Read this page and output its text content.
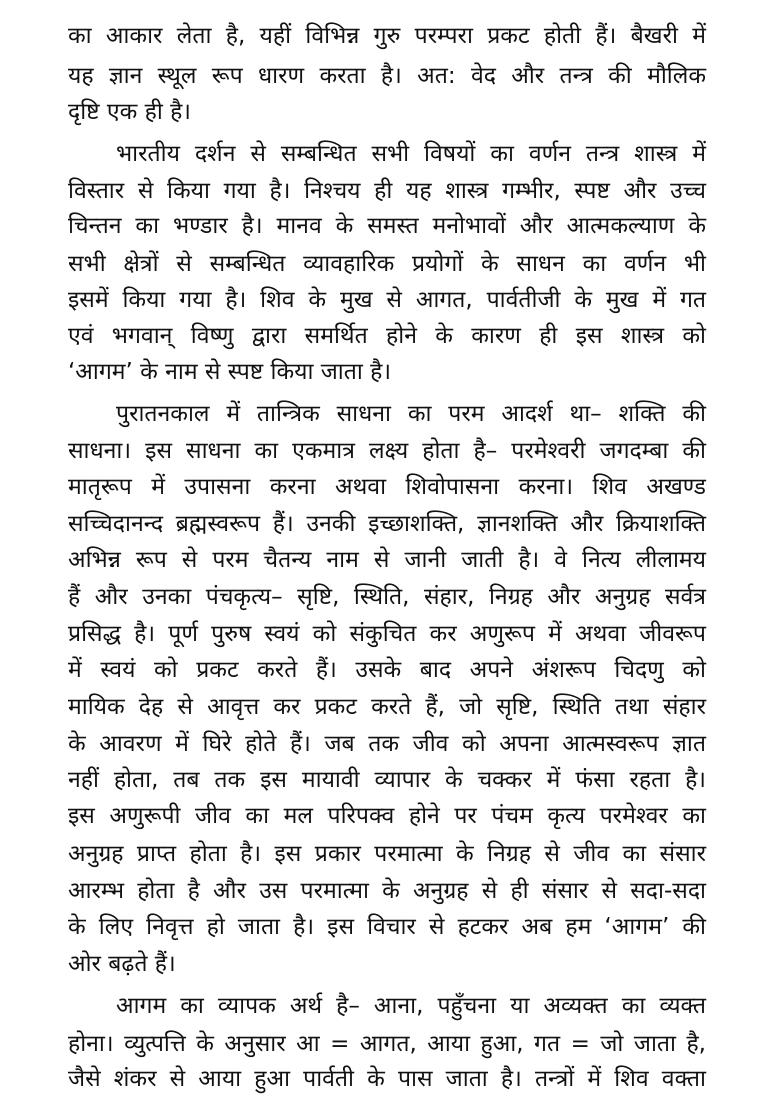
का आकार लेता है, यहीं विभिन्न गुरु परम्परा प्रकट होती हैं। बैखरी में
यह ज्ञान स्थूल रूप धारण करता है। अत: वेद और तन्त्र की मौलिक
दृष्टि एक ही है।
भारतीय दर्शन से सम्बन्धित सभी विषयों का वर्णन तन्त्र शास्त्र में
विस्तार से किया गया है। निश्चय ही यह शास्त्र गम्भीर, स्पष्ट और उच्च
चिन्तन का भण्डार है। मानव के समस्त मनोभावों और आत्मकल्याण के
सभी क्षेत्रों से सम्बन्धित व्यावहारिक प्रयोगों के साधन का वर्णन भी
इसमें किया गया है। शिव के मुख से आगत, पार्वतीजी के मुख में गत
एवं भगवान् विष्णु द्वारा समर्थित होने के कारण ही इस शास्त्र को
‘आगम’ के नाम से स्पष्ट किया जाता है।
पुरातनकाल में तान्त्रिक साधना का परम आदर्श था– शक्ति की
साधना। इस साधना का एकमात्र लक्ष्य होता है– परमेश्वरी जगदम्बा की
मातृरूप में उपासना करना अथवा शिवोपासना करना। शिव अखण्ड
सच्चिदानन्द ब्रह्मस्वरूप हैं। उनकी इच्छाशक्ति, ज्ञानशक्ति और क्रियाशक्ति
अभिन्न रूप से परम चैतन्य नाम से जानी जाती है। वे नित्य लीलामय
हैं और उनका पंचकृत्य– सृष्टि, स्थिति, संहार, निग्रह और अनुग्रह सर्वत्र
प्रसिद्ध है। पूर्ण पुरुष स्वयं को संकुचित कर अणुरूप में अथवा जीवरूप
में स्वयं को प्रकट करते हैं। उसके बाद अपने अंशरूप चिदणु को
मायिक देह से आवृत्त कर प्रकट करते हैं, जो सृष्टि, स्थिति तथा संहार
के आवरण में घिरे होते हैं। जब तक जीव को अपना आत्मस्वरूप ज्ञात
नहीं होता, तब तक इस मायावी व्यापार के चक्कर में फंसा रहता है।
इस अणुरूपी जीव का मल परिपक्व होने पर पंचम कृत्य परमेश्वर का
अनुग्रह प्राप्त होता है। इस प्रकार परमात्मा के निग्रह से जीव का संसार
आरम्भ होता है और उस परमात्मा के अनुग्रह से ही संसार से सदा-सदा
के लिए निवृत्त हो जाता है। इस विचार से हटकर अब हम ‘आगम’ की
ओर बढ़ते हैं।
आगम का व्यापक अर्थ है– आना, पहुँचना या अव्यक्त का व्यक्त
होना। व्युत्पत्ति के अनुसार आ = आगत, आया हुआ, गत = जो जाता है,
जैसे शंकर से आया हुआ पार्वती के पास जाता है। तन्त्रों में शिव वक्ता
